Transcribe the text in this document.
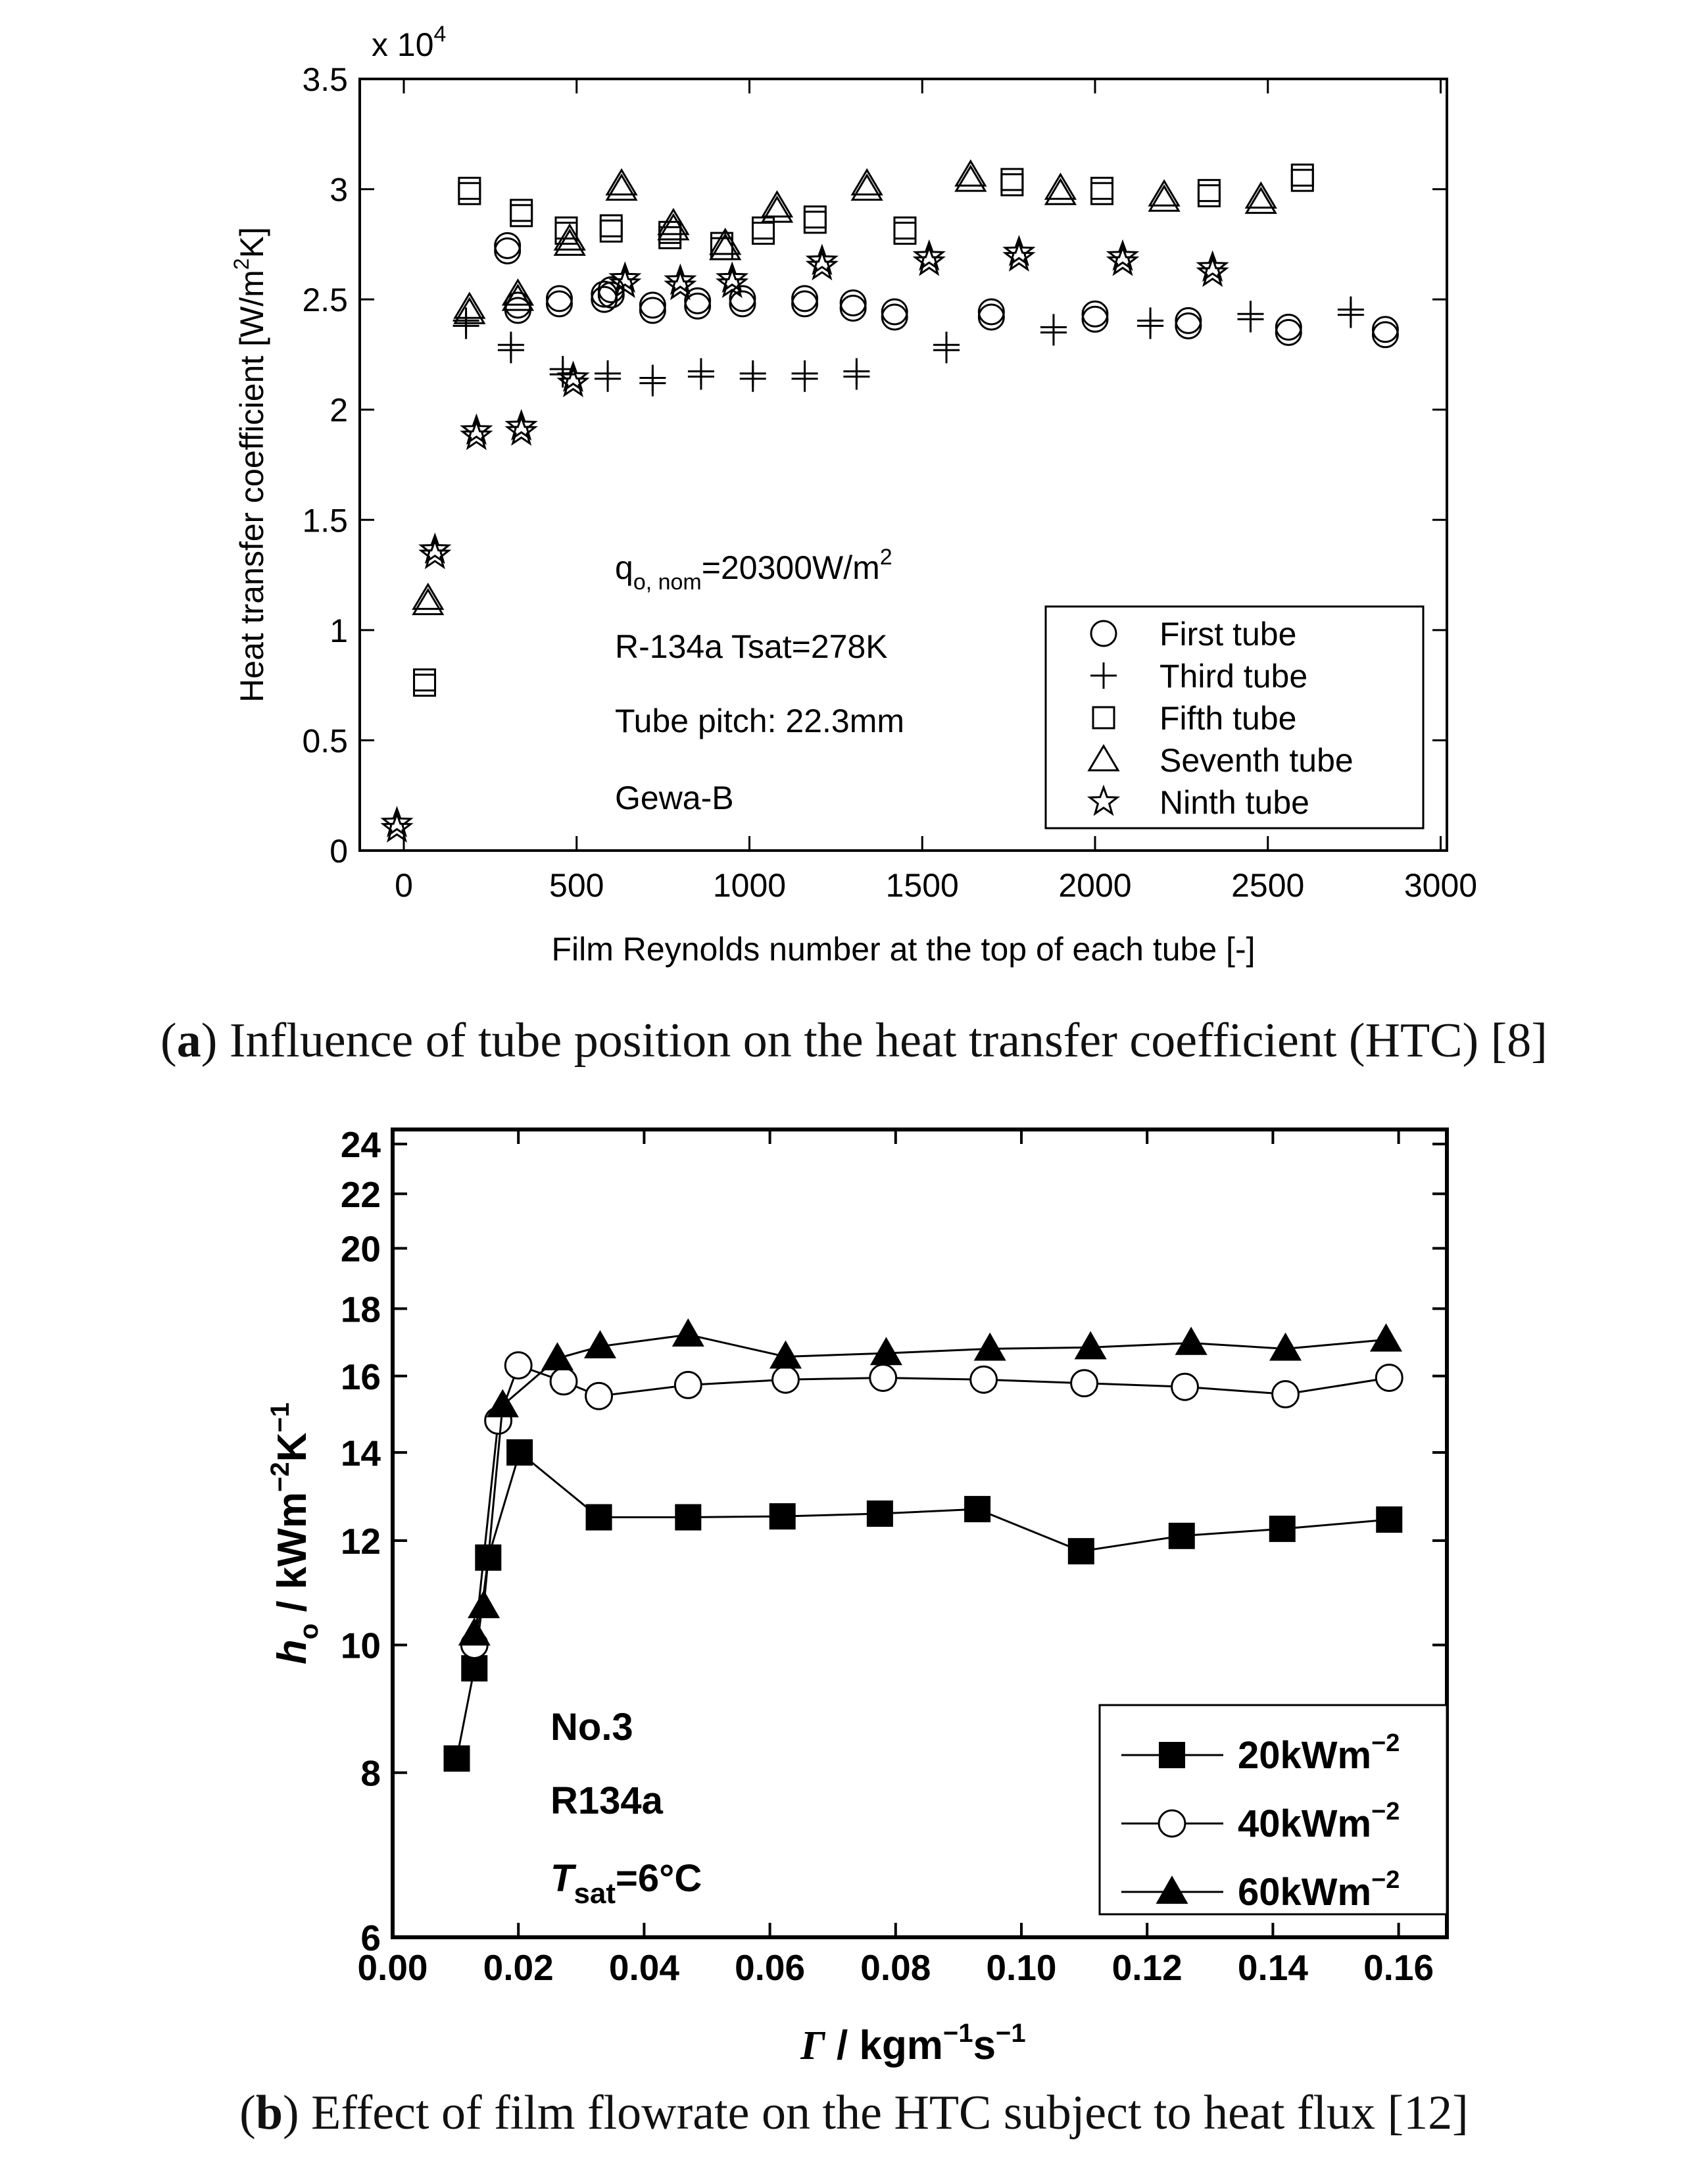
0	500	1000	1500	2000	2500	3000
0
0.5
1
1.5
2
2.5
3
3.5
x $10^4$
Film Reynolds number at the top of each tube [-]
Heat transfer coefficient $[W/m^2K]$
$q_{o, nom}=20300W/m^2$
R-134a Tsat=278K
Tube pitch: 22.3mm
Gewa-B
First tube
Third tube
Fifth tube
Seventh tube
Ninth tube
0.00 0.02 0.04 0.06 0.08 0.10 0.12 0.14 0.16
6
8
10
12
14
16
18
20
22
24
Γ / $kgm^{-1}s^{-1}$
$h_o / kWm^{-2}K^{-1}$
No.3
R134a
$T_{sat}=6^\circ C$
20kWm$^{-2}$
40kWm$^{-2}$
60kWm$^{-2}$
(a) Influence of tube position on the heat transfer coefficient (HTC) [8]
(b) Effect of film flowrate on the HTC subject to heat flux [12]
